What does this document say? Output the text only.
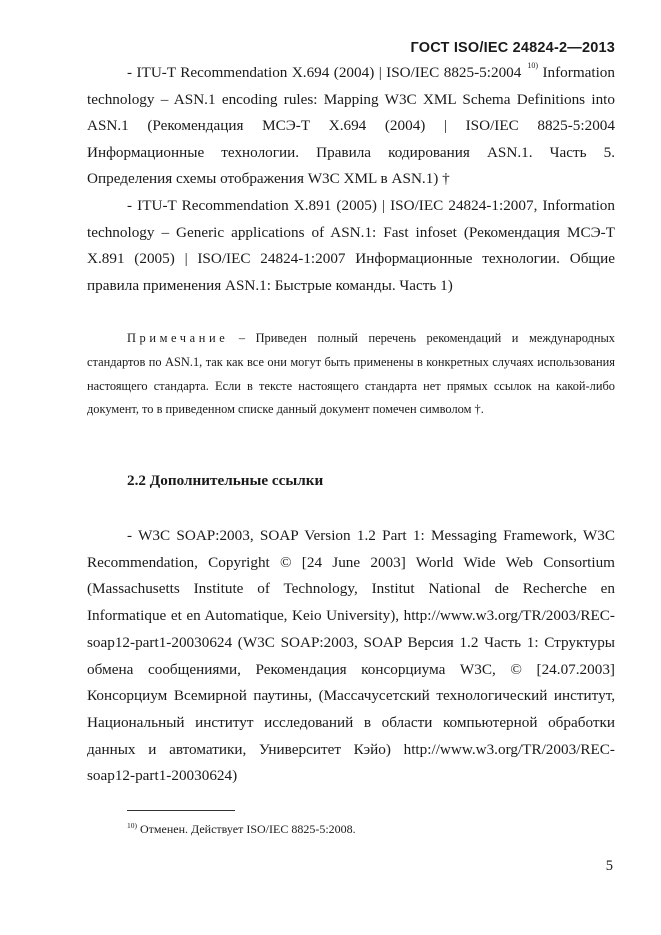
ГОСТ ISO/IEC 24824-2—2013

- ITU-T Recommendation X.694 (2004) | ISO/IEC 8825-5:2004 $^{10)}$ Information technology – ASN.1 encoding rules: Mapping W3C XML Schema Definitions into ASN.1 (Рекомендация МСЭ-Т X.694 (2004) | ISO/IEC 8825-5:2004 Информационные технологии. Правила кодирования ASN.1. Часть 5. Определения схемы отображения W3C XML в ASN.1) †

- ITU-T Recommendation X.891 (2005) | ISO/IEC 24824-1:2007, Information technology – Generic applications of ASN.1: Fast infoset (Рекомендация МСЭ-Т X.891 (2005) | ISO/IEC 24824-1:2007 Информационные технологии. Общие правила применения ASN.1: Быстрые команды. Часть 1)

Примечание – Приведен полный перечень рекомендаций и международных стандартов по ASN.1, так как все они могут быть применены в конкретных случаях использования настоящего стандарта. Если в тексте настоящего стандарта нет прямых ссылок на какой-либо документ, то в приведенном списке данный документ помечен символом †.

2.2 Дополнительные ссылки

- W3C SOAP:2003, SOAP Version 1.2 Part 1: Messaging Framework, W3C Recommendation, Copyright © [24 June 2003] World Wide Web Consortium (Massachusetts Institute of Technology, Institut National de Recherche en Informatique et en Automatique, Keio University), http://www.w3.org/TR/2003/REC-soap12-part1-20030624 (W3C SOAP:2003, SOAP Версия 1.2 Часть 1: Структуры обмена сообщениями, Рекомендация консорциума W3C, © [24.07.2003] Консорциум Всемирной паутины, (Массачусетский технологический институт, Национальный институт исследований в области компьютерной обработки данных и автоматики, Университет Кэйо) http://www.w3.org/TR/2003/REC-soap12-part1-20030624)

$^{10)}$ Отменен. Действует ISO/IEC 8825-5:2008.
5
